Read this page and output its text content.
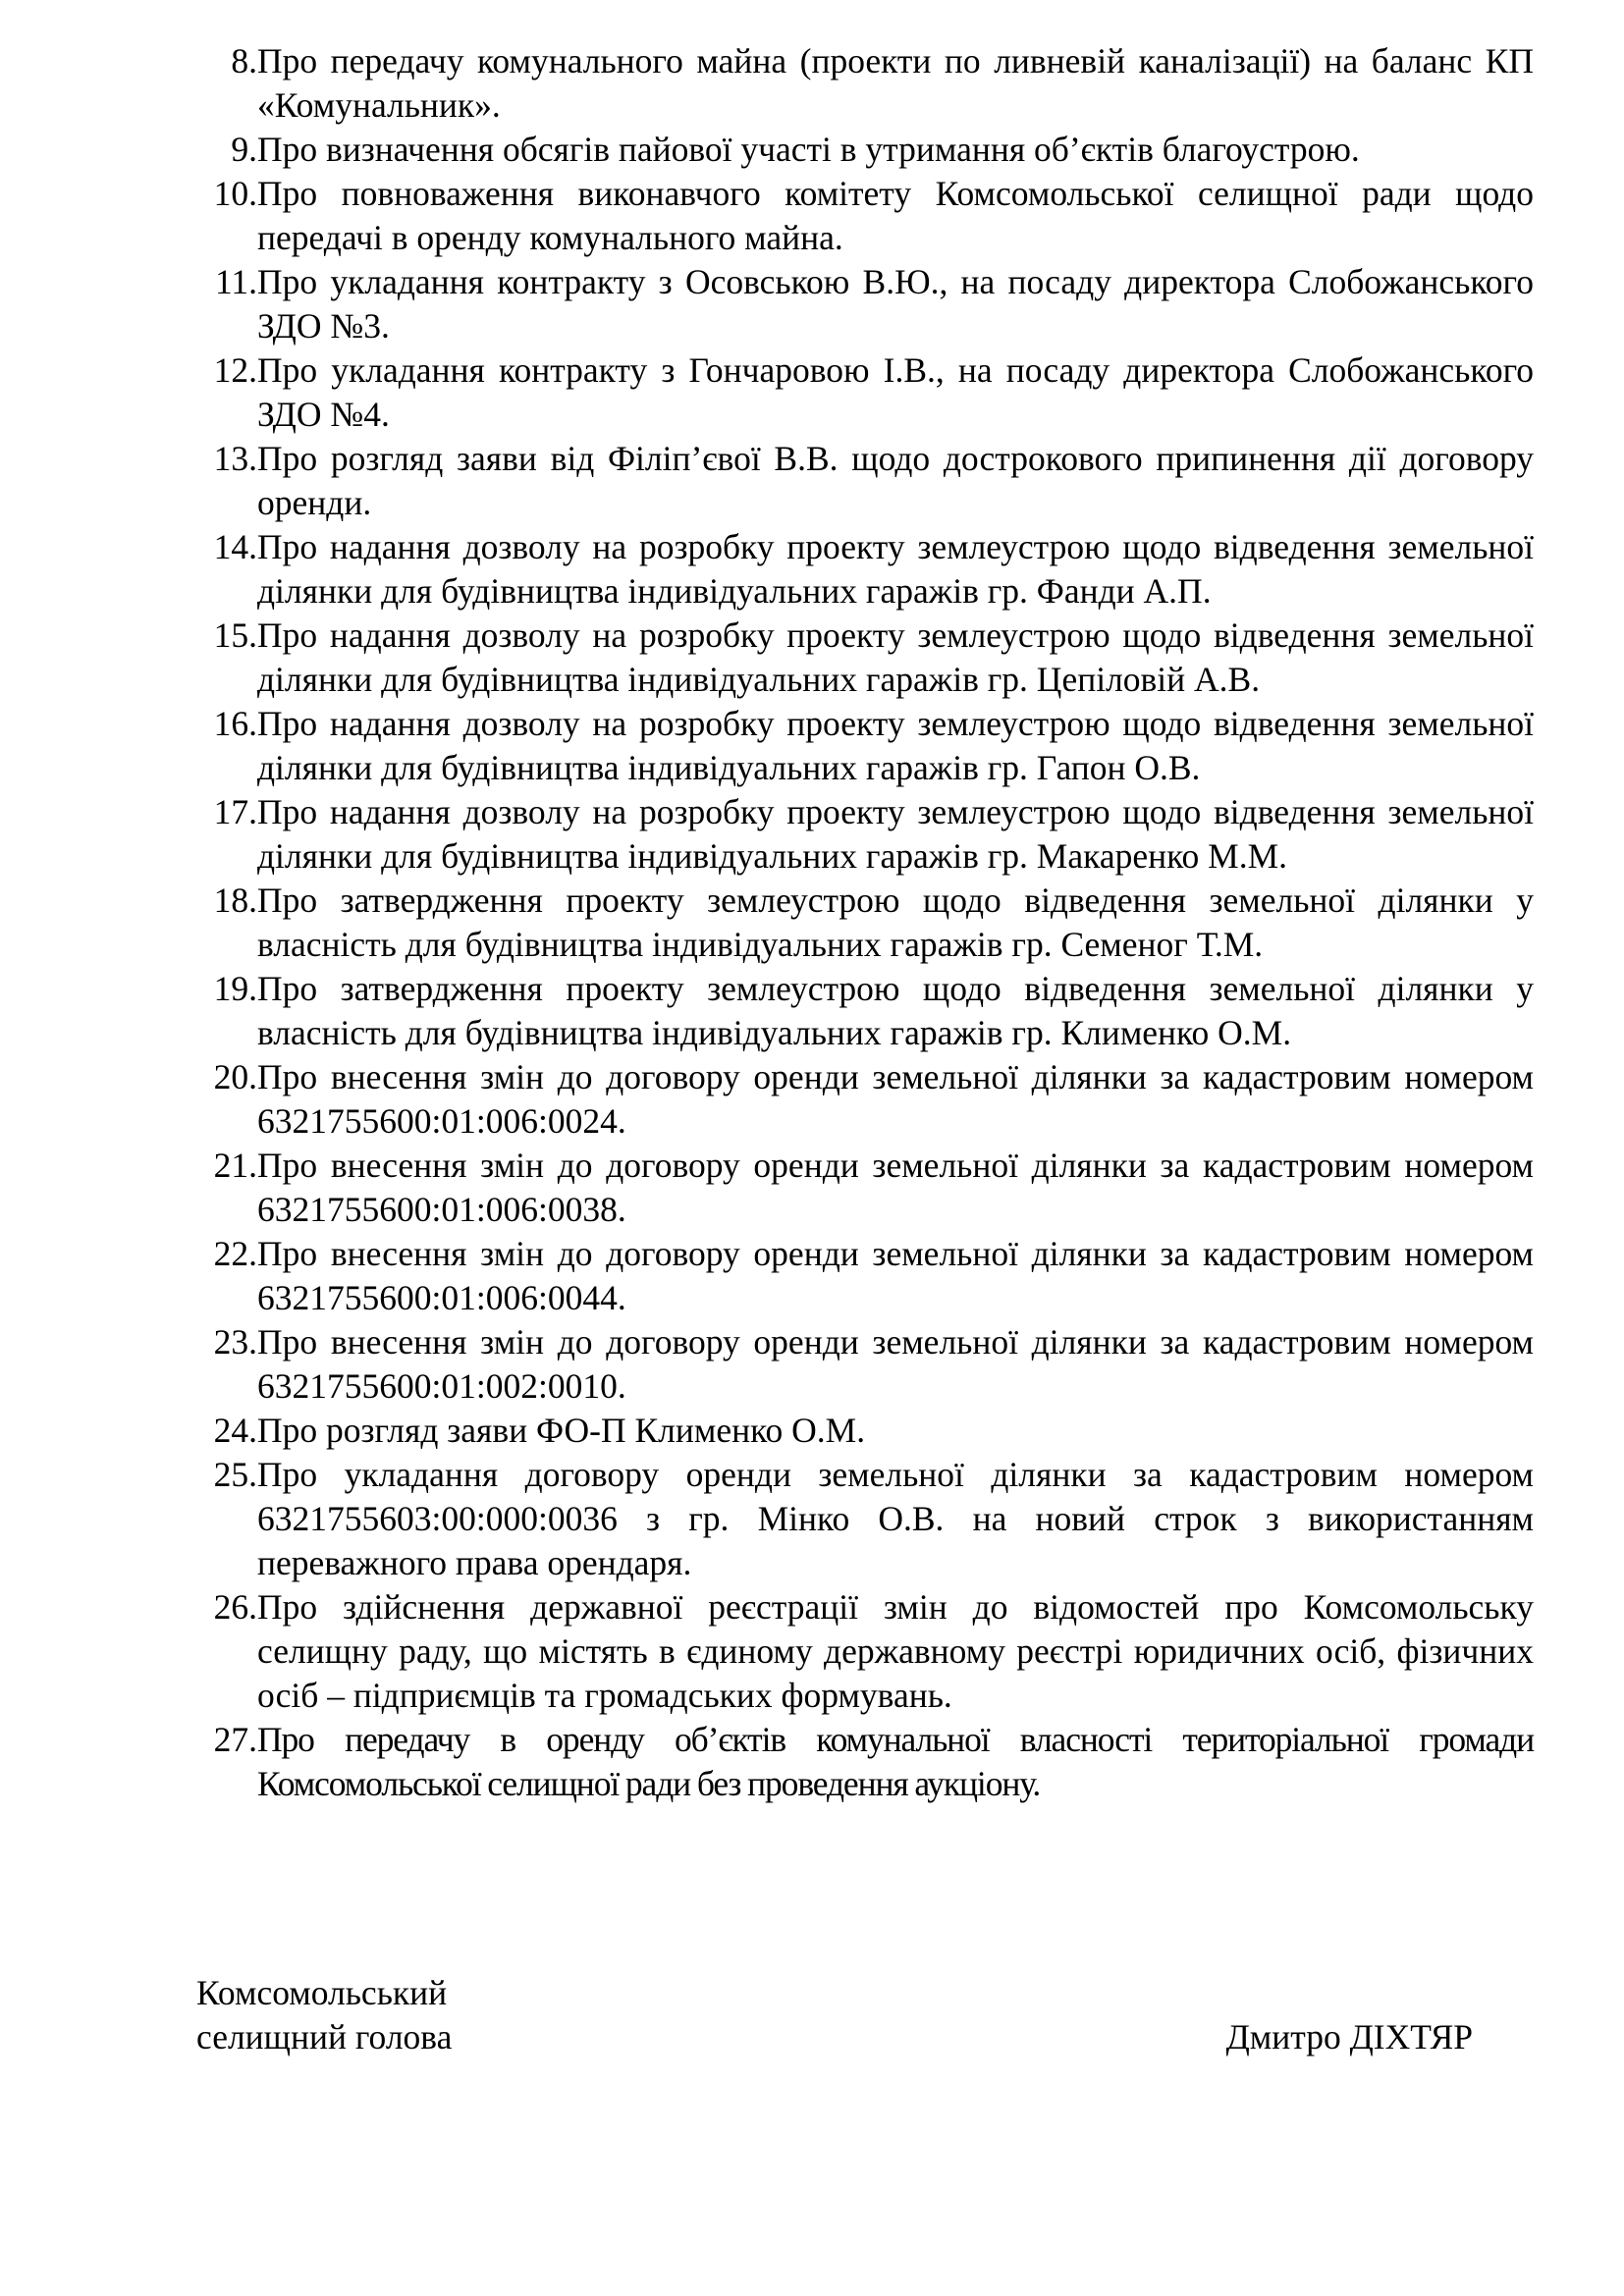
8. Про передачу комунального майна (проекти по ливневій каналізації) на баланс КП «Комунальник».
9. Про визначення обсягів пайової участі в утримання об’єктів благоустрою.
10. Про повноваження виконавчого комітету Комсомольської селищної ради щодо передачі в оренду комунального майна.
11. Про укладання контракту з Осовською В.Ю., на посаду директора Слобожанського ЗДО №3.
12. Про укладання контракту з Гончаровою І.В., на посаду директора Слобожанського ЗДО №4.
13. Про розгляд заяви від Філіп’євої В.В. щодо дострокового припинення дії договору оренди.
14. Про надання дозволу на розробку проекту землеустрою щодо відведення земельної ділянки для будівництва індивідуальних гаражів гр. Фанди А.П.
15. Про надання дозволу на розробку проекту землеустрою щодо відведення земельної ділянки для будівництва індивідуальних гаражів гр. Цепіловій А.В.
16. Про надання дозволу на розробку проекту землеустрою щодо відведення земельної ділянки для будівництва індивідуальних гаражів гр. Гапон О.В.
17. Про надання дозволу на розробку проекту землеустрою щодо відведення земельної ділянки для будівництва індивідуальних гаражів гр. Макаренко М.М.
18. Про затвердження проекту землеустрою щодо відведення земельної ділянки у власність для будівництва індивідуальних гаражів гр. Семеног Т.М.
19. Про затвердження проекту землеустрою щодо відведення земельної ділянки у власність для будівництва індивідуальних гаражів гр. Клименко О.М.
20. Про внесення змін до договору оренди земельної ділянки за кадастровим номером 6321755600:01:006:0024.
21. Про внесення змін до договору оренди земельної ділянки за кадастровим номером 6321755600:01:006:0038.
22. Про внесення змін до договору оренди земельної ділянки за кадастровим номером 6321755600:01:006:0044.
23. Про внесення змін до договору оренди земельної ділянки за кадастровим номером 6321755600:01:002:0010.
24. Про розгляд заяви ФО-П Клименко О.М.
25. Про укладання договору оренди земельної ділянки за кадастровим номером 6321755603:00:000:0036 з гр. Мінко О.В. на новий строк з використанням переважного права орендаря.
26. Про здійснення державної реєстрації змін до відомостей про Комсомольську селищну раду, що містять в єдиному державному реєстрі юридичних осіб, фізичних осіб – підприємців та громадських формувань.
27. Про передачу в оренду об’єктів комунальної власності територіальної громади Комсомольської селищної ради без проведення аукціону.
Комсомольський
селищний голова	Дмитро ДІХТЯР
